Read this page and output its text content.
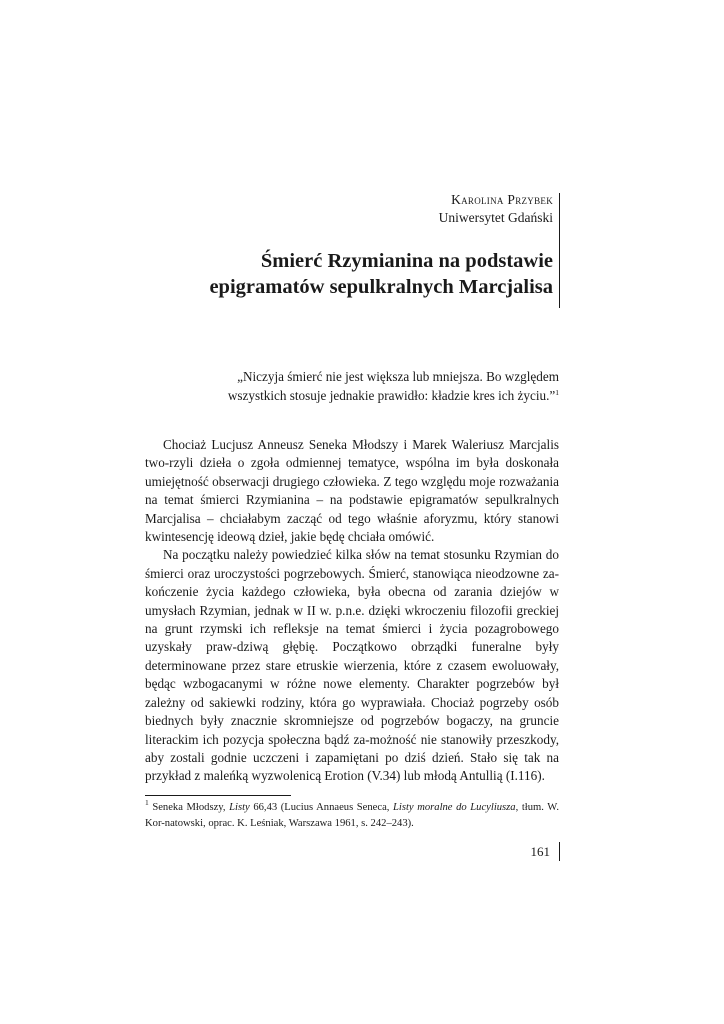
Karolina Przybek
Uniwersytet Gdański
Śmierć Rzymianina na podstawie
epigramatów sepulkralnych Marcjalisa
„Niczyja śmierć nie jest większa lub mniejsza. Bo względem
wszystkich stosuje jednakie prawidło: kładzie kres ich życiu.”$^1$

Chociaż Lucjusz Anneusz Seneka Młodszy i Marek Waleriusz Marcjalis two-rzyli dzieła o zgoła odmiennej tematyce, wspólna im była doskonała umiejętność obserwacji drugiego człowieka. Z tego względu moje rozważania na temat śmierci Rzymianina – na podstawie epigramatów sepulkralnych Marcjalisa – chciałabym zacząć od tego właśnie aforyzmu, który stanowi kwintesencję ideową dzieł, jakie będę chciała omówić.

Na początku należy powiedzieć kilka słów na temat stosunku Rzymian do śmierci oraz uroczystości pogrzebowych. Śmierć, stanowiąca nieodzowne za-kończenie życia każdego człowieka, była obecna od zarania dziejów w umysłach Rzymian, jednak w II w. p.n.e. dzięki wkroczeniu filozofii greckiej na grunt rzymski ich refleksje na temat śmierci i życia pozagrobowego uzyskały praw-dziwą głębię. Początkowo obrządki funeralne były determinowane przez stare etruskie wierzenia, które z czasem ewoluowały, będąc wzbogacanymi w różne nowe elementy. Charakter pogrzebów był zależny od sakiewki rodziny, która go wyprawiała. Chociaż pogrzeby osób biednych były znacznie skromniejsze od pogrzebów bogaczy, na gruncie literackim ich pozycja społeczna bądź za-możność nie stanowiły przeszkody, aby zostali godnie uczczeni i zapamiętani po dziś dzień. Stało się tak na przykład z maleńką wyzwolenicą Erotion (V.34) lub młodą Antullią (I.116).

$^1$ Seneka Młodszy, Listy 66,43 (Lucius Annaeus Seneca, Listy moralne do Lucyliusza, tłum. W. Kor-natowski, oprac. K. Leśniak, Warszawa 1961, s. 242–243).

161
